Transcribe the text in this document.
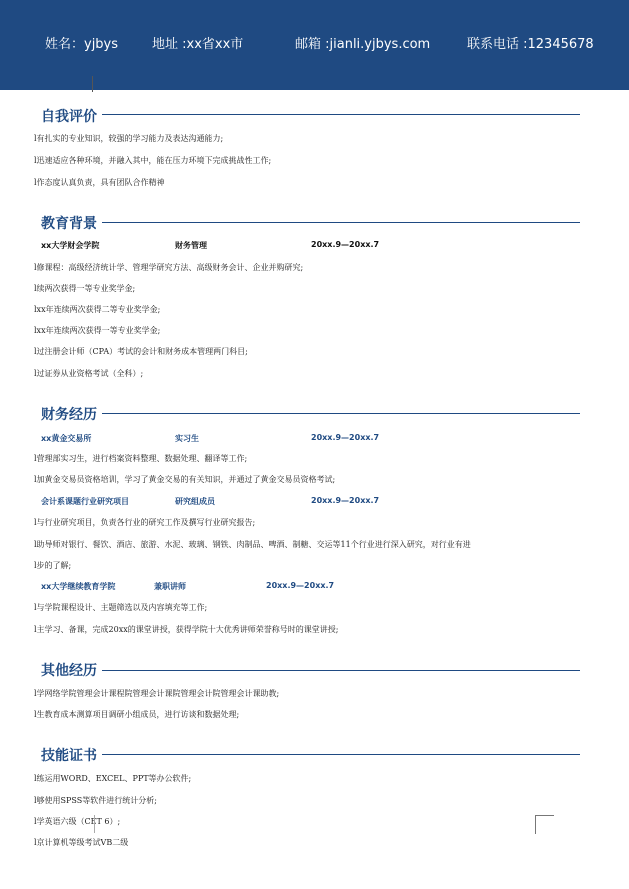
姓名：yjbys	地址 :xx省xx市	邮箱 :jianli.yjbys.com	联系电话 :12345678
自我评价
l有扎实的专业知识，较强的学习能力及表达沟通能力;
l迅速适应各种环境，并融入其中，能在压力环境下完成挑战性工作;
l作态度认真负责，具有团队合作精神
教育背景
xx大学财会学院	财务管理	20xx.9—20xx.7
l修课程：高级经济统计学、管理学研究方法、高级财务会计、企业并购研究;
l续两次获得一等专业奖学金;
lxx年连续两次获得二等专业奖学金;
lxx年连续两次获得一等专业奖学金;
l过注册会计师（CPA）考试的会计和财务成本管理两门科目;
l过证券从业资格考试（全科）;
财务经历
xx黄金交易所	实习生	20xx.9—20xx.7
l营理部实习生，进行档案资料整理、数据处理、翻译等工作;
l加黄金交易员资格培训，学习了黄金交易的有关知识，并通过了黄金交易员资格考试;
会计系课题行业研究项目	研究组成员	20xx.9—20xx.7
l与行业研究项目，负责各行业的研究工作及撰写行业研究报告;
l助导师对银行、餐饮、酒店、旅游、水泥、玻璃、钢铁、肉制品、啤酒、制糖、交运等11个行业进行深入研究，对行业有进
l步的了解;
xx大学继续教育学院	兼职讲师	20xx.9—20xx.7
l与学院课程设计、主题筛选以及内容填充等工作;
l主学习、备课，完成20xx的课堂讲授，获得学院十大优秀讲师荣誉称号时的课堂讲授;
其他经历
l学网络学院管理会计课程院管理会计课院管理会计院管理会计课助教;
l生教育成本测算项目调研小组成员，进行访谈和数据处理;
技能证书
l练运用WORD、EXCEL、PPT等办公软件;
l够使用SPSS等软件进行统计分析;
l学英语六级（CET 6）;
l京计算机等级考试VB二级
